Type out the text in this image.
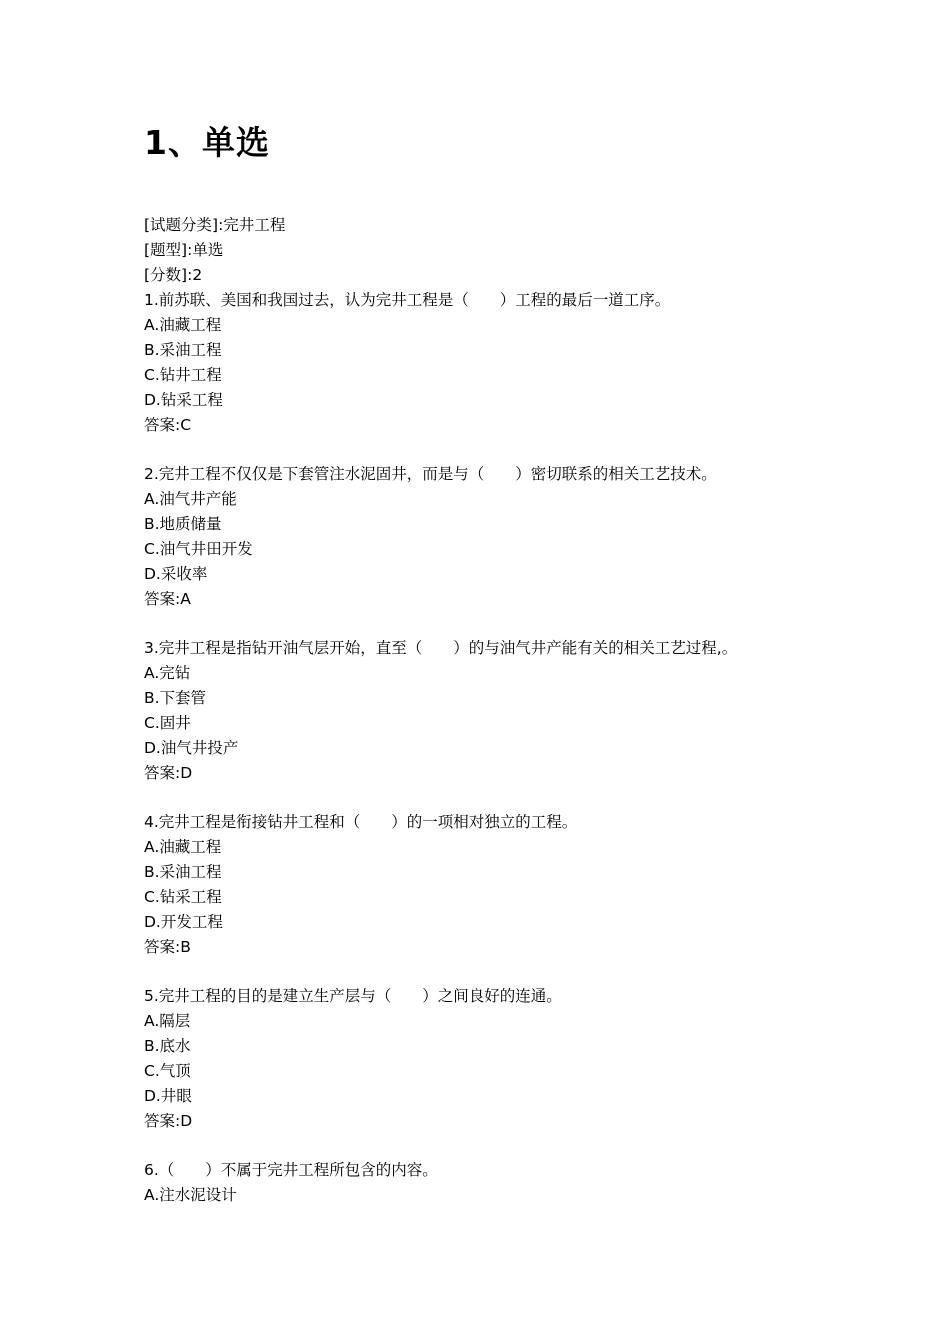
1、单选
[试题分类]:完井工程
[题型]:单选
[分数]:2
1.前苏联、美国和我国过去，认为完井工程是（　　）工程的最后一道工序。
A.油藏工程
B.采油工程
C.钻井工程
D.钻采工程
答案:C
2.完井工程不仅仅是下套管注水泥固井，而是与（　　）密切联系的相关工艺技术。
A.油气井产能
B.地质储量
C.油气井田开发
D.采收率
答案:A
3.完井工程是指钻开油气层开始，直至（　　）的与油气井产能有关的相关工艺过程,。
A.完钻
B.下套管
C.固井
D.油气井投产
答案:D
4.完井工程是衔接钻井工程和（　　）的一项相对独立的工程。
A.油藏工程
B.采油工程
C.钻采工程
D.开发工程
答案:B
5.完井工程的目的是建立生产层与（　　）之间良好的连通。
A.隔层
B.底水
C.气顶
D.井眼
答案:D
6.（　　）不属于完井工程所包含的内容。
A.注水泥设计
